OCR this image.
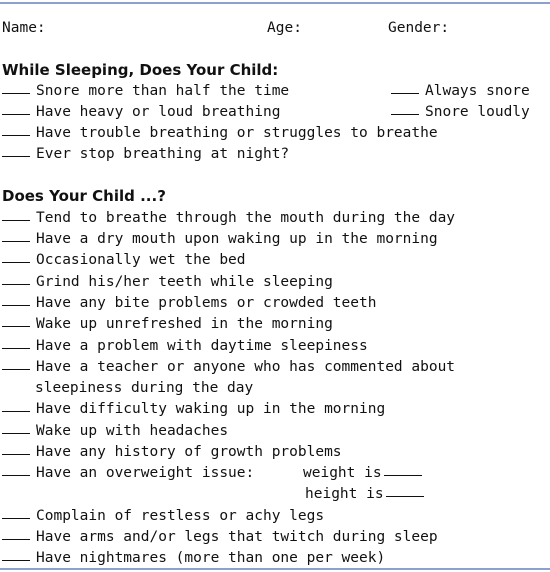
Name:	Age:	Gender:
While Sleeping, Does Your Child:
Snore more than half the time	Always snore
Have heavy or loud breathing	Snore loudly
Have trouble breathing or struggles to breathe
Ever stop breathing at night?
Does Your Child ...?
Tend to breathe through the mouth during the day
Have a dry mouth upon waking up in the morning
Occasionally wet the bed
Grind his/her teeth while sleeping
Have any bite problems or crowded teeth
Wake up unrefreshed in the morning
Have a problem with daytime sleepiness
Have a teacher or anyone who has commented about
sleepiness during the day
Have difficulty waking up in the morning
Wake up with headaches
Have any history of growth problems
Have an overweight issue:	weight is
height is
Complain of restless or achy legs
Have arms and/or legs that twitch during sleep
Have nightmares (more than one per week)
